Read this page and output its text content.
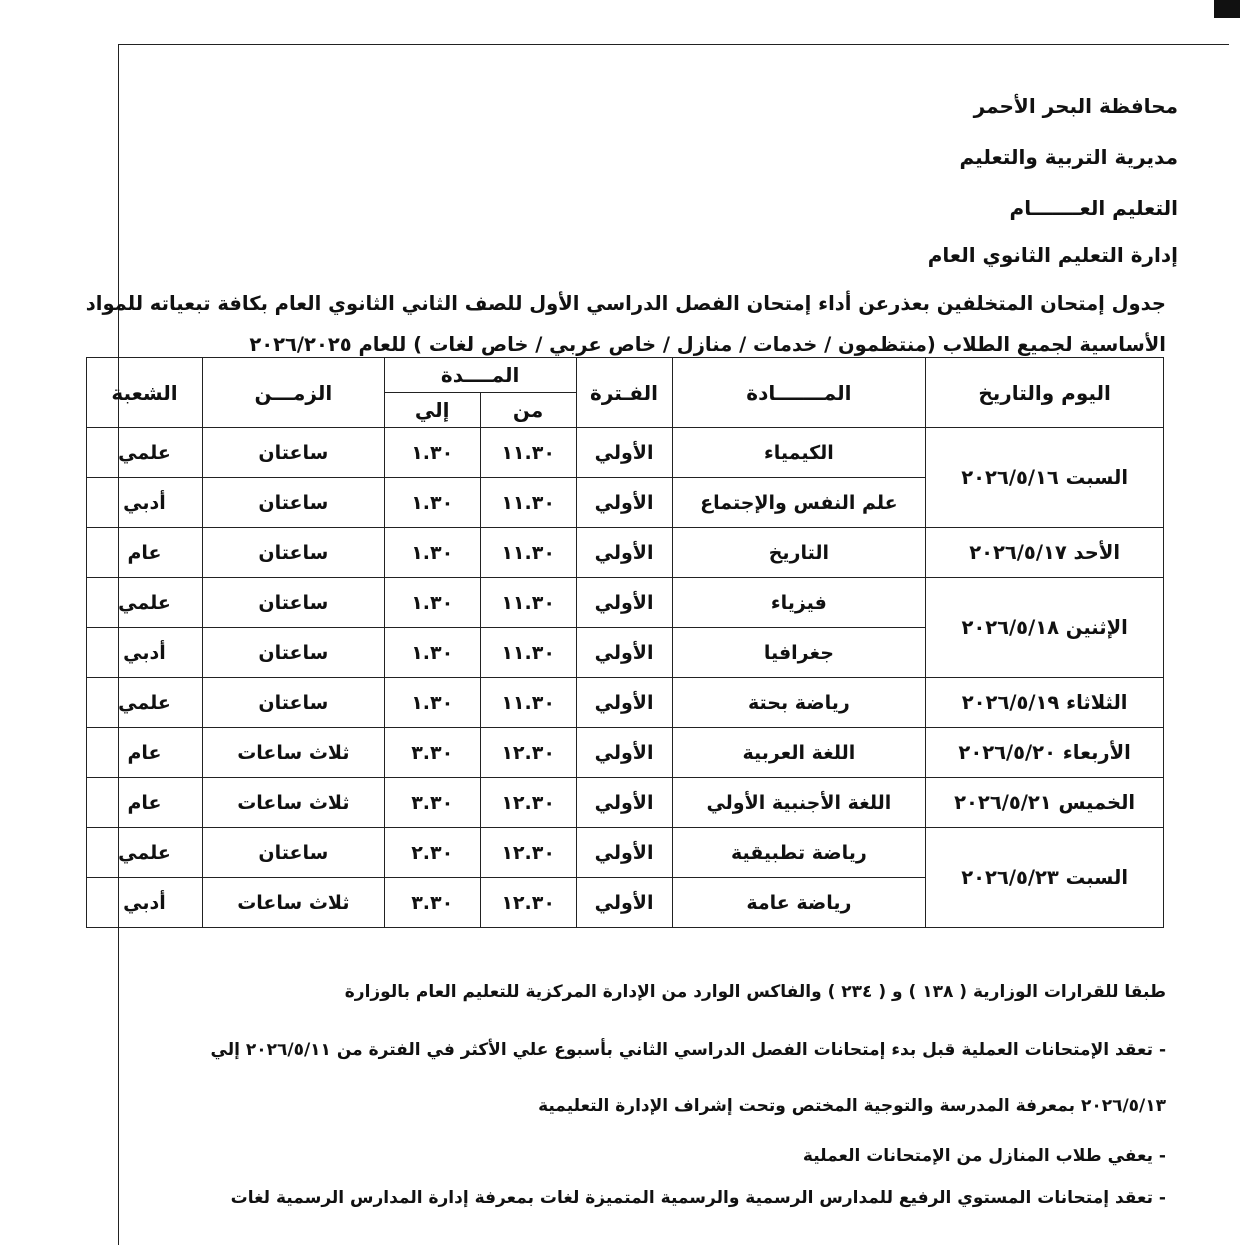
محافظة البحر الأحمر
مديرية التربية والتعليم
التعليم العـــــــام
إدارة التعليم الثانوي العام
جدول إمتحان المتخلفين بعذرعن أداء إمتحان الفصل الدراسي الأول للصف الثاني الثانوي العام بكافة تبعياته للمواد
الأساسية لجميع الطلاب (منتظمون / خدمات / منازل / خاص عربي / خاص لغات ) للعام ٢٠٢٦/٢٠٢٥
اليوم والتاريخ	المـــــــادة	الفـترة	المــــدة		الزمـــن	الشعبة
			من	إلي		
السبت ٢٠٢٦/٥/١٦	الكيمياء	الأولي	١١.٣٠	١.٣٠	ساعتان	علمي
	علم النفس والإجتماع	الأولي	١١.٣٠	١.٣٠	ساعتان	أدبي
الأحد ٢٠٢٦/٥/١٧	التاريخ	الأولي	١١.٣٠	١.٣٠	ساعتان	عام
الإثنين ٢٠٢٦/٥/١٨	فيزياء	الأولي	١١.٣٠	١.٣٠	ساعتان	علمي
	جغرافيا	الأولي	١١.٣٠	١.٣٠	ساعتان	أدبي
الثلاثاء ٢٠٢٦/٥/١٩	رياضة بحتة	الأولي	١١.٣٠	١.٣٠	ساعتان	علمي
الأربعاء ٢٠٢٦/٥/٢٠	اللغة العربية	الأولي	١٢.٣٠	٣.٣٠	ثلاث ساعات	عام
الخميس ٢٠٢٦/٥/٢١	اللغة الأجنبية الأولي	الأولي	١٢.٣٠	٣.٣٠	ثلاث ساعات	عام
السبت ٢٠٢٦/٥/٢٣	رياضة تطبيقية	الأولي	١٢.٣٠	٢.٣٠	ساعتان	علمي
	رياضة عامة	الأولي	١٢.٣٠	٣.٣٠	ثلاث ساعات	أدبي
طبقا للقرارات الوزارية ( ١٣٨ ) و ( ٢٣٤ ) والفاكس الوارد من الإدارة المركزية للتعليم العام بالوزارة
- تعقد الإمتحانات العملية قبل بدء إمتحانات الفصل الدراسي الثاني بأسبوع علي الأكثر في الفترة من ٢٠٢٦/٥/١١ إلي
٢٠٢٦/٥/١٣ بمعرفة المدرسة والتوجية المختص وتحت إشراف الإدارة التعليمية
- يعفي طلاب المنازل من الإمتحانات العملية
- تعقد إمتحانات المستوي الرفيع للمدارس الرسمية والرسمية المتميزة لغات بمعرفة إدارة المدارس الرسمية لغات
